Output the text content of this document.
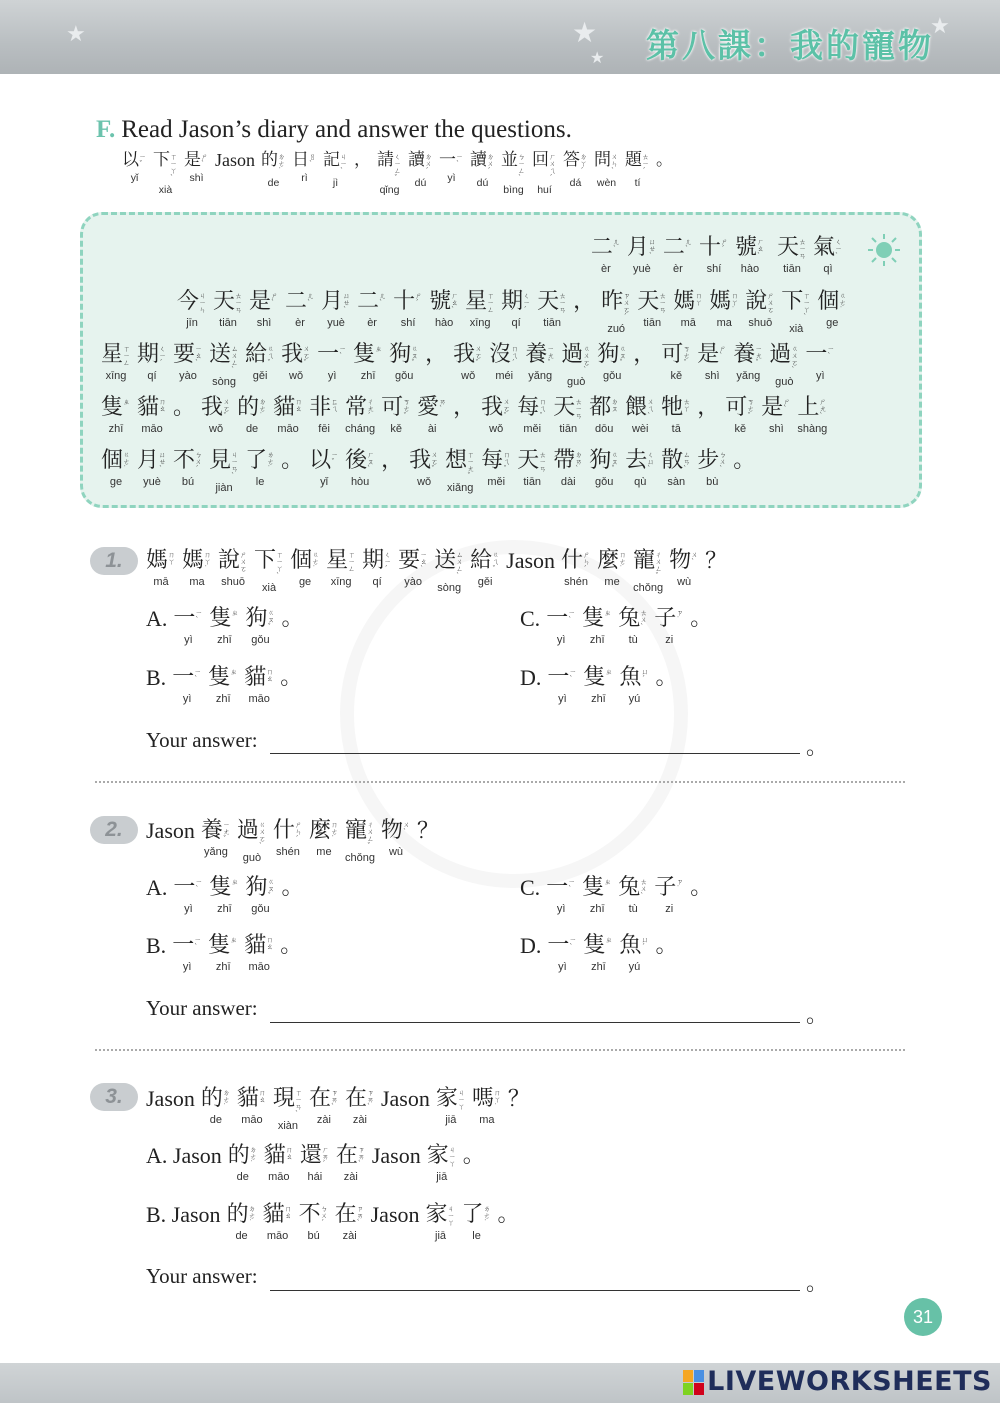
★	★	★
★ 第八課：我的寵物
F. Read Jason’s diary and answer the questions.
以 ㄧˇ
yǐ
下 ㄒㄧㄚˋ
xià
是 ㄕˋ
shì
Jason 的 ㄉㄜ˙
de
日 ㄖˋ
rì
記 ㄐㄧˋ
jì
， 請 ㄑㄧㄥˇ
qǐng
讀 ㄉㄨˊ
dú
一 ㄧˋ
yì
讀 ㄉㄨˊ
dú
並 ㄅㄧㄥˋ
bìng
回 ㄏㄨㄟˊ
huí
答 ㄉㄚˊ
dá
問 ㄨㄣˋ
wèn
題 ㄊㄧˊ
tí
。
二 ㄦˋ
èr
月 ㄩㄝˋ
yuè
二 ㄦˋ
èr
十 ㄕˊ
shí
號 ㄏㄠˋ
hào
天 ㄊㄧㄢ
tiān
氣 ㄑㄧˋ
qì
今 ㄐㄧㄣ
jīn
天 ㄊㄧㄢ
tiān
是 ㄕˋ
shì
二 ㄦˋ
èr
月 ㄩㄝˋ
yuè
二 ㄦˋ
èr
十 ㄕˊ
shí
號 ㄏㄠˋ
hào
星 ㄒㄧㄥ
xīng
期 ㄑㄧˊ
qí
天 ㄊㄧㄢ
tiān
， 昨 ㄗㄨㄛˊ
zuó
天 ㄊㄧㄢ
tiān
媽 ㄇㄚ
mā
媽 ㄇㄚ˙
ma
說 ㄕㄨㄛ
shuō
下 ㄒㄧㄚˋ
xià
個 ㄍㄜ˙
ge
星 ㄒㄧㄥ
xīng
期 ㄑㄧˊ
qí
要 ㄧㄠˋ
yào
送 ㄙㄨㄥˋ
sòng
給 ㄍㄟˇ
gěi
我 ㄨㄛˇ
wǒ
一 ㄧˋ
yì
隻 ㄓ
zhī
狗 ㄍㄡˇ
gǒu
， 我 ㄨㄛˇ
wǒ
沒 ㄇㄟˊ
méi
養 ㄧㄤˇ
yǎng
過 ㄍㄨㄛˋ
guò
狗 ㄍㄡˇ
gǒu
， 可 ㄎㄜˇ
kě
是 ㄕˋ
shì
養 ㄧㄤˇ
yǎng
過 ㄍㄨㄛˋ
guò
一 ㄧˋ
yì
隻 ㄓ
zhī
貓 ㄇㄠ
māo
。 我 ㄨㄛˇ
wǒ
的 ㄉㄜ˙
de
貓 ㄇㄠ
māo
非 ㄈㄟ
fēi
常 ㄔㄤˊ
cháng
可 ㄎㄜˇ
kě
愛 ㄞˋ
ài
， 我 ㄨㄛˇ
wǒ
每 ㄇㄟˇ
měi
天 ㄊㄧㄢ
tiān
都 ㄉㄡ
dōu
餵 ㄨㄟˋ
wèi
牠 ㄊㄚ
tā
， 可 ㄎㄜˇ
kě
是 ㄕˋ
shì
上 ㄕㄤˋ
shàng
個 ㄍㄜ˙
ge
月 ㄩㄝˋ
yuè
不 ㄅㄨˊ
bú
見 ㄐㄧㄢˋ
jiàn
了 ㄌㄜ˙
le
。 以 ㄧˇ
yǐ
後 ㄏㄡˋ
hòu
， 我 ㄨㄛˇ
wǒ
想 ㄒㄧㄤˇ
xiǎng
每 ㄇㄟˇ
měi
天 ㄊㄧㄢ
tiān
帶 ㄉㄞˋ
dài
狗 ㄍㄡˇ
gǒu
去 ㄑㄩˋ
qù
散 ㄙㄢˋ
sàn
步 ㄅㄨˋ
bù
。
1.	媽 ㄇㄚ
mā
媽 ㄇㄚ˙
ma
說 ㄕㄨㄛ
shuō
下 ㄒㄧㄚˋ
xià
個 ㄍㄜ˙
ge
星 ㄒㄧㄥ
xīng
期 ㄑㄧˊ
qí
要 ㄧㄠˋ
yào
送 ㄙㄨㄥˋ
sòng
給 ㄍㄟˇ
gěi
Jason 什 ㄕㄣˊ
shén
麼 ㄇㄜ˙
me
寵 ㄔㄨㄥˇ
chǒng
物 ㄨˋ
wù
？
A. 一 ㄧˋ
yì
隻 ㄓ
zhī
狗 ㄍㄡˇ
gǒu
。
B. 一 ㄧˋ
yì
隻 ㄓ
zhī
貓 ㄇㄠ
māo
。
C. 一 ㄧˋ
yì
隻 ㄓ
zhī
兔 ㄊㄨˋ
tù
子 ㄗ˙
zi
。
D. 一 ㄧˋ
yì
隻 ㄓ
zhī
魚 ㄩˊ
yú
。
Your answer:	。
2.	Jason 養 ㄧㄤˇ
yǎng
過 ㄍㄨㄛˋ
guò
什 ㄕㄣˊ
shén
麼 ㄇㄜ˙
me
寵 ㄔㄨㄥˇ
chǒng
物 ㄨˋ
wù
？
A. 一 ㄧˋ
yì
隻 ㄓ
zhī
狗 ㄍㄡˇ
gǒu
。
B. 一 ㄧˋ
yì
隻 ㄓ
zhī
貓 ㄇㄠ
māo
。
C. 一 ㄧˋ
yì
隻 ㄓ
zhī
兔 ㄊㄨˋ
tù
子 ㄗ˙
zi
。
D. 一 ㄧˋ
yì
隻 ㄓ
zhī
魚 ㄩˊ
yú
。
Your answer:	。
3.	Jason 的 ㄉㄜ˙
de
貓 ㄇㄠ
māo
現 ㄒㄧㄢˋ
xiàn
在 ㄗㄞˋ
zài
在 ㄗㄞˋ
zài
Jason 家 ㄐㄧㄚ
jiā
嗎 ㄇㄚ˙
ma
？
A. Jason 的 ㄉㄜ˙
de
貓 ㄇㄠ
māo
還 ㄏㄞˊ
hái
在 ㄗㄞˋ
zài
Jason 家 ㄐㄧㄚ
jiā
。
B. Jason 的 ㄉㄜ˙
de
貓 ㄇㄠ
māo
不 ㄅㄨˊ
bú
在 ㄗㄞˋ
zài
Jason 家 ㄐㄧㄚ
jiā
了 ㄌㄜ˙
le
。
Your answer:	。
31
LIVEWORKSHEETS
